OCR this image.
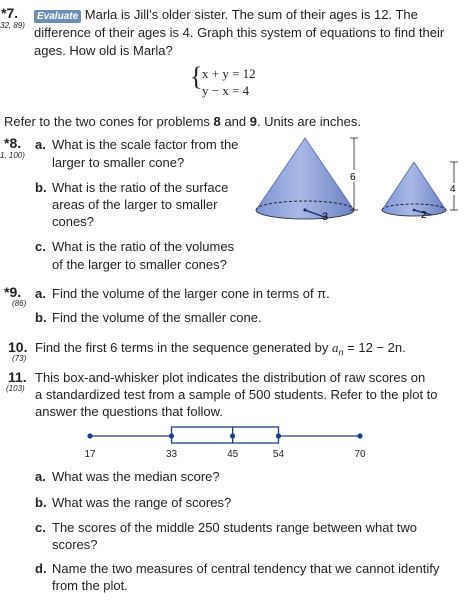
*7.
32, 89)
Evaluate Marla is Jill’s older sister. The sum of their ages is 12. The
difference of their ages is 4. Graph this system of equations to find their
ages. How old is Marla?
{ x + y = 12
y − x = 4
Refer to the two cones for problems 8 and 9. Units are inches.
*8.
1, 100)
a. What is the scale factor from the
larger to smaller cone?
b. What is the ratio of the surface
areas of the larger to smaller
cones?
c. What is the ratio of the volumes
of the larger to smaller cones?
3
6
2
4
*9.
(86)
a. Find the volume of the larger cone in terms of π.
b. Find the volume of the smaller cone.
10.
(73)
Find the first 6 terms in the sequence generated by $a_n = 12 - 2n$.
11.
(103)
This box-and-whisker plot indicates the distribution of raw scores on
a standardized test from a sample of 500 students. Refer to the plot to
answer the questions that follow.
17	33	45	54	70
a. What was the median score?
b. What was the range of scores?
c. The scores of the middle 250 students range between what two
scores?
d. Name the two measures of central tendency that we cannot identify
from the plot.
